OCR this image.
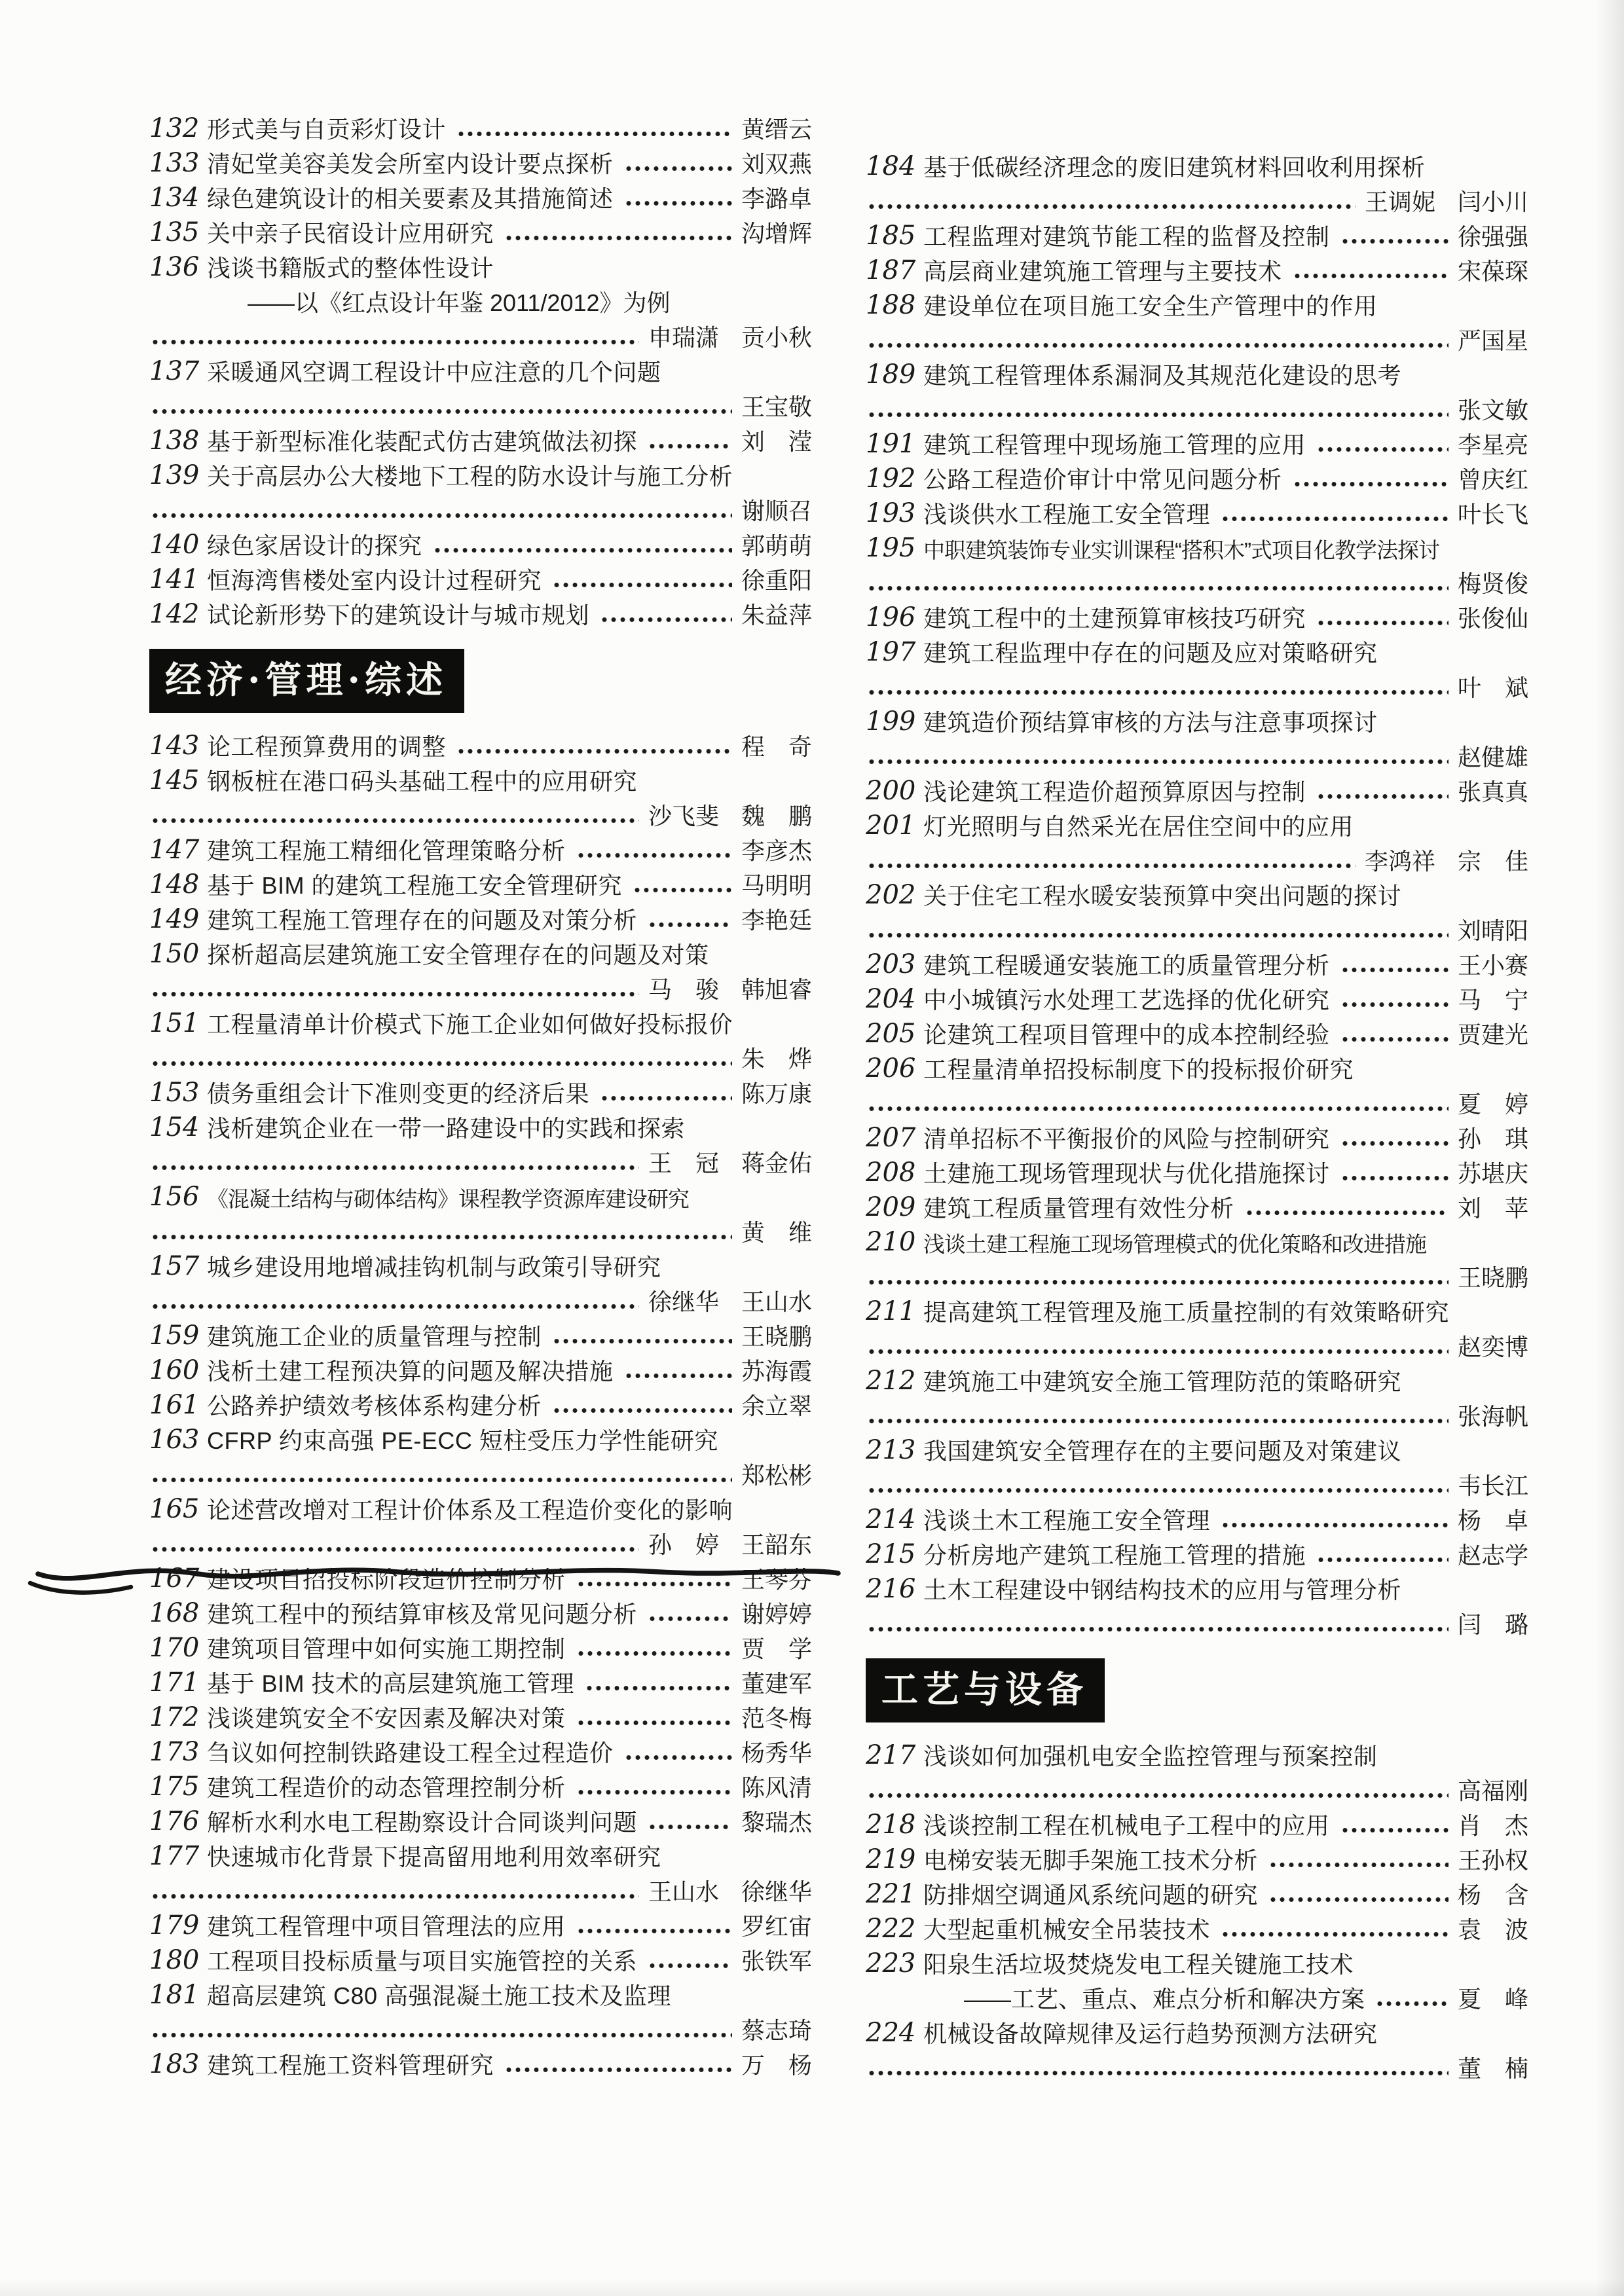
132 形式美与自贡彩灯设计	黄缙云
133 清妃堂美容美发会所室内设计要点探析	刘双燕
134 绿色建筑设计的相关要素及其措施简述	李潞卓
135 关中亲子民宿设计应用研究	沟增辉
136 浅谈书籍版式的整体性设计
——以《红点设计年鉴 2011/2012》为例
申瑞潇 贡小秋
137 采暖通风空调工程设计中应注意的几个问题
王宝敬
138 基于新型标准化装配式仿古建筑做法初探	刘　滢
139 关于高层办公大楼地下工程的防水设计与施工分析
谢顺召
140 绿色家居设计的探究	郭萌萌
141 恒海湾售楼处室内设计过程研究	徐重阳
142 试论新形势下的建筑设计与城市规划	朱益萍
经济·管理·综述

143 论工程预算费用的调整	程　奇
145 钢板桩在港口码头基础工程中的应用研究
沙飞斐 魏　鹏
147 建筑工程施工精细化管理策略分析	李彦杰
148 基于 BIM 的建筑工程施工安全管理研究	马明明
149 建筑工程施工管理存在的问题及对策分析	李艳廷
150 探析超高层建筑施工安全管理存在的问题及对策
马　骏 韩旭睿
151 工程量清单计价模式下施工企业如何做好投标报价
朱　烨
153 债务重组会计下准则变更的经济后果	陈万康
154 浅析建筑企业在一带一路建设中的实践和探索
王　冠 蒋金佑
156 《混凝土结构与砌体结构》课程教学资源库建设研究
黄　维
157 城乡建设用地增减挂钩机制与政策引导研究
徐继华 王山水
159 建筑施工企业的质量管理与控制	王晓鹏
160 浅析土建工程预决算的问题及解决措施	苏海霞
161 公路养护绩效考核体系构建分析	余立翠
163 CFRP 约束高强 PE-ECC 短柱受压力学性能研究
郑松彬
165 论述营改增对工程计价体系及工程造价变化的影响
孙　婷 王韶东
167 建设项目招投标阶段造价控制分析	王琴芬
168 建筑工程中的预结算审核及常见问题分析	谢婷婷
170 建筑项目管理中如何实施工期控制	贾　学
171 基于 BIM 技术的高层建筑施工管理	董建军
172 浅谈建筑安全不安因素及解决对策	范冬梅
173 刍议如何控制铁路建设工程全过程造价	杨秀华
175 建筑工程造价的动态管理控制分析	陈风清
176 解析水利水电工程勘察设计合同谈判问题	黎瑞杰
177 快速城市化背景下提高留用地利用效率研究
王山水 徐继华
179 建筑工程管理中项目管理法的应用	罗红宙
180 工程项目投标质量与项目实施管控的关系	张铁军
181 超高层建筑 C80 高强混凝土施工技术及监理
蔡志琦
183 建筑工程施工资料管理研究	万　杨
184 基于低碳经济理念的废旧建筑材料回收利用探析
王调妮 闫小川
185 工程监理对建筑节能工程的监督及控制	徐强强
187 高层商业建筑施工管理与主要技术	宋葆琛
188 建设单位在项目施工安全生产管理中的作用
严国星
189 建筑工程管理体系漏洞及其规范化建设的思考
张文敏
191 建筑工程管理中现场施工管理的应用	李星亮
192 公路工程造价审计中常见问题分析	曾庆红
193 浅谈供水工程施工安全管理	叶长飞
195 中职建筑装饰专业实训课程“搭积木”式项目化教学法探讨
梅贤俊
196 建筑工程中的土建预算审核技巧研究	张俊仙
197 建筑工程监理中存在的问题及应对策略研究
叶　斌
199 建筑造价预结算审核的方法与注意事项探讨
赵健雄
200 浅论建筑工程造价超预算原因与控制	张真真
201 灯光照明与自然采光在居住空间中的应用
李鸿祥 宗　佳
202 关于住宅工程水暖安装预算中突出问题的探讨
刘晴阳
203 建筑工程暖通安装施工的质量管理分析	王小赛
204 中小城镇污水处理工艺选择的优化研究	马　宁
205 论建筑工程项目管理中的成本控制经验	贾建光
206 工程量清单招投标制度下的投标报价研究
夏　婷
207 清单招标不平衡报价的风险与控制研究	孙　琪
208 土建施工现场管理现状与优化措施探讨	苏堪庆
209 建筑工程质量管理有效性分析	刘　苹
210 浅谈土建工程施工现场管理模式的优化策略和改进措施
王晓鹏
211 提高建筑工程管理及施工质量控制的有效策略研究
赵奕博
212 建筑施工中建筑安全施工管理防范的策略研究
张海帆
213 我国建筑安全管理存在的主要问题及对策建议
韦长江
214 浅谈土木工程施工安全管理	杨　卓
215 分析房地产建筑工程施工管理的措施	赵志学
216 土木工程建设中钢结构技术的应用与管理分析
闫　璐
工艺与设备

217 浅谈如何加强机电安全监控管理与预案控制
高福刚
218 浅谈控制工程在机械电子工程中的应用	肖　杰
219 电梯安装无脚手架施工技术分析	王孙权
221 防排烟空调通风系统问题的研究	杨　含
222 大型起重机械安全吊装技术	袁　波
223 阳泉生活垃圾焚烧发电工程关键施工技术
——工艺、重点、难点分析和解决方案	夏　峰
224 机械设备故障规律及运行趋势预测方法研究
董　楠
